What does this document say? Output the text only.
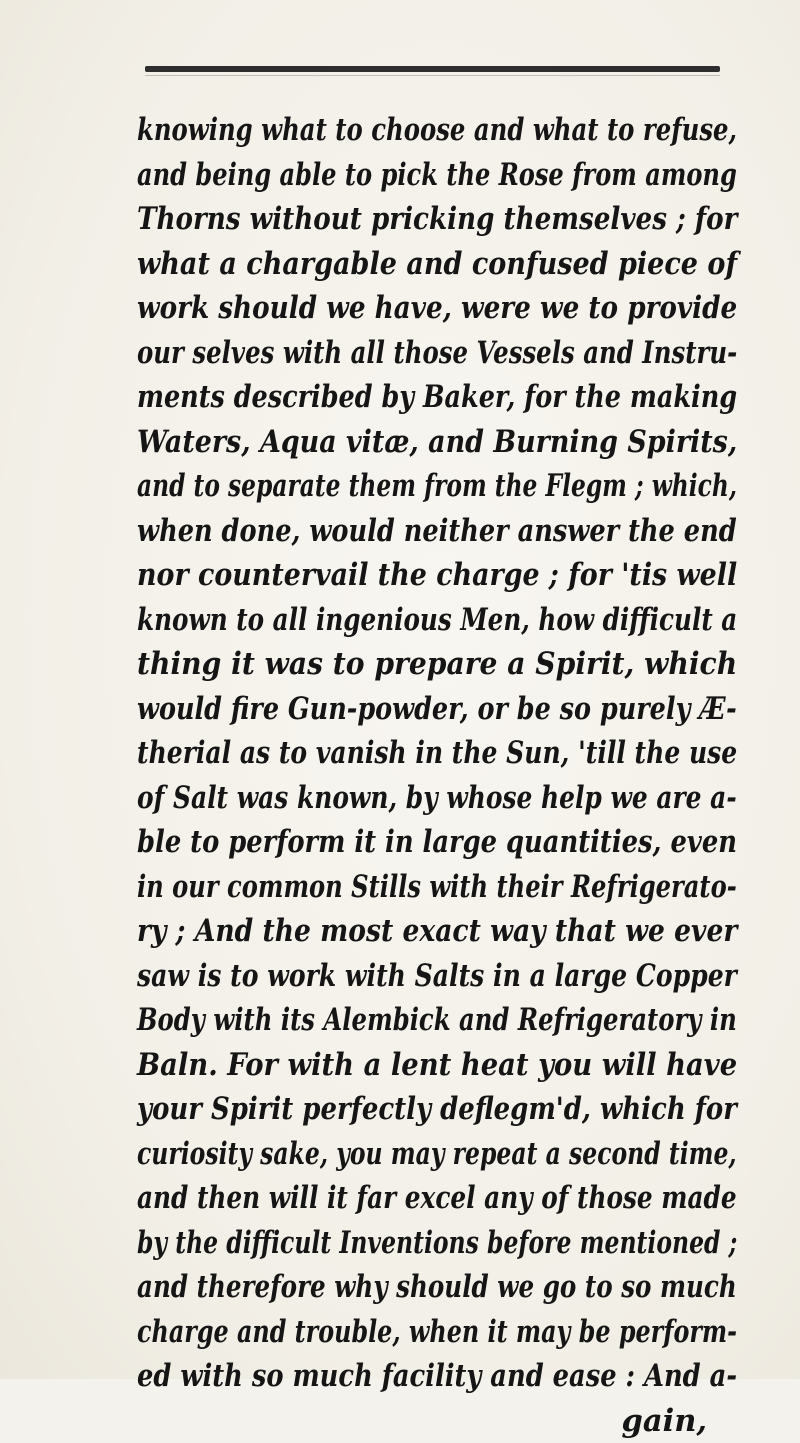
knowing what to choose and what to refuse,
and being able to pick the Rose from among
Thorns without pricking themselves ; for
what a chargable and confused piece of
work should we have, were we to provide
our selves with all those Vessels and Instru-
ments described by Baker, for the making
Waters, Aqua vitæ, and Burning Spirits,
and to separate them from the Flegm ; which,
when done, would neither answer the end
nor countervail the charge ; for 'tis well
known to all ingenious Men, how difficult a
thing it was to prepare a Spirit, which
would fire Gun-powder, or be so purely Æ-
therial as to vanish in the Sun, 'till the use
of Salt was known, by whose help we are a-
ble to perform it in large quantities, even
in our common Stills with their Refrigerato-
ry ; And the most exact way that we ever
saw is to work with Salts in a large Copper
Body with its Alembick and Refrigeratory in
Baln. For with a lent heat you will have
your Spirit perfectly deflegm'd, which for
curiosity sake, you may repeat a second time,
and then will it far excel any of those made
by the difficult Inventions before mentioned ;
and therefore why should we go to so much
charge and trouble, when it may be perform-
ed with so much facility and ease : And a-
gain,
